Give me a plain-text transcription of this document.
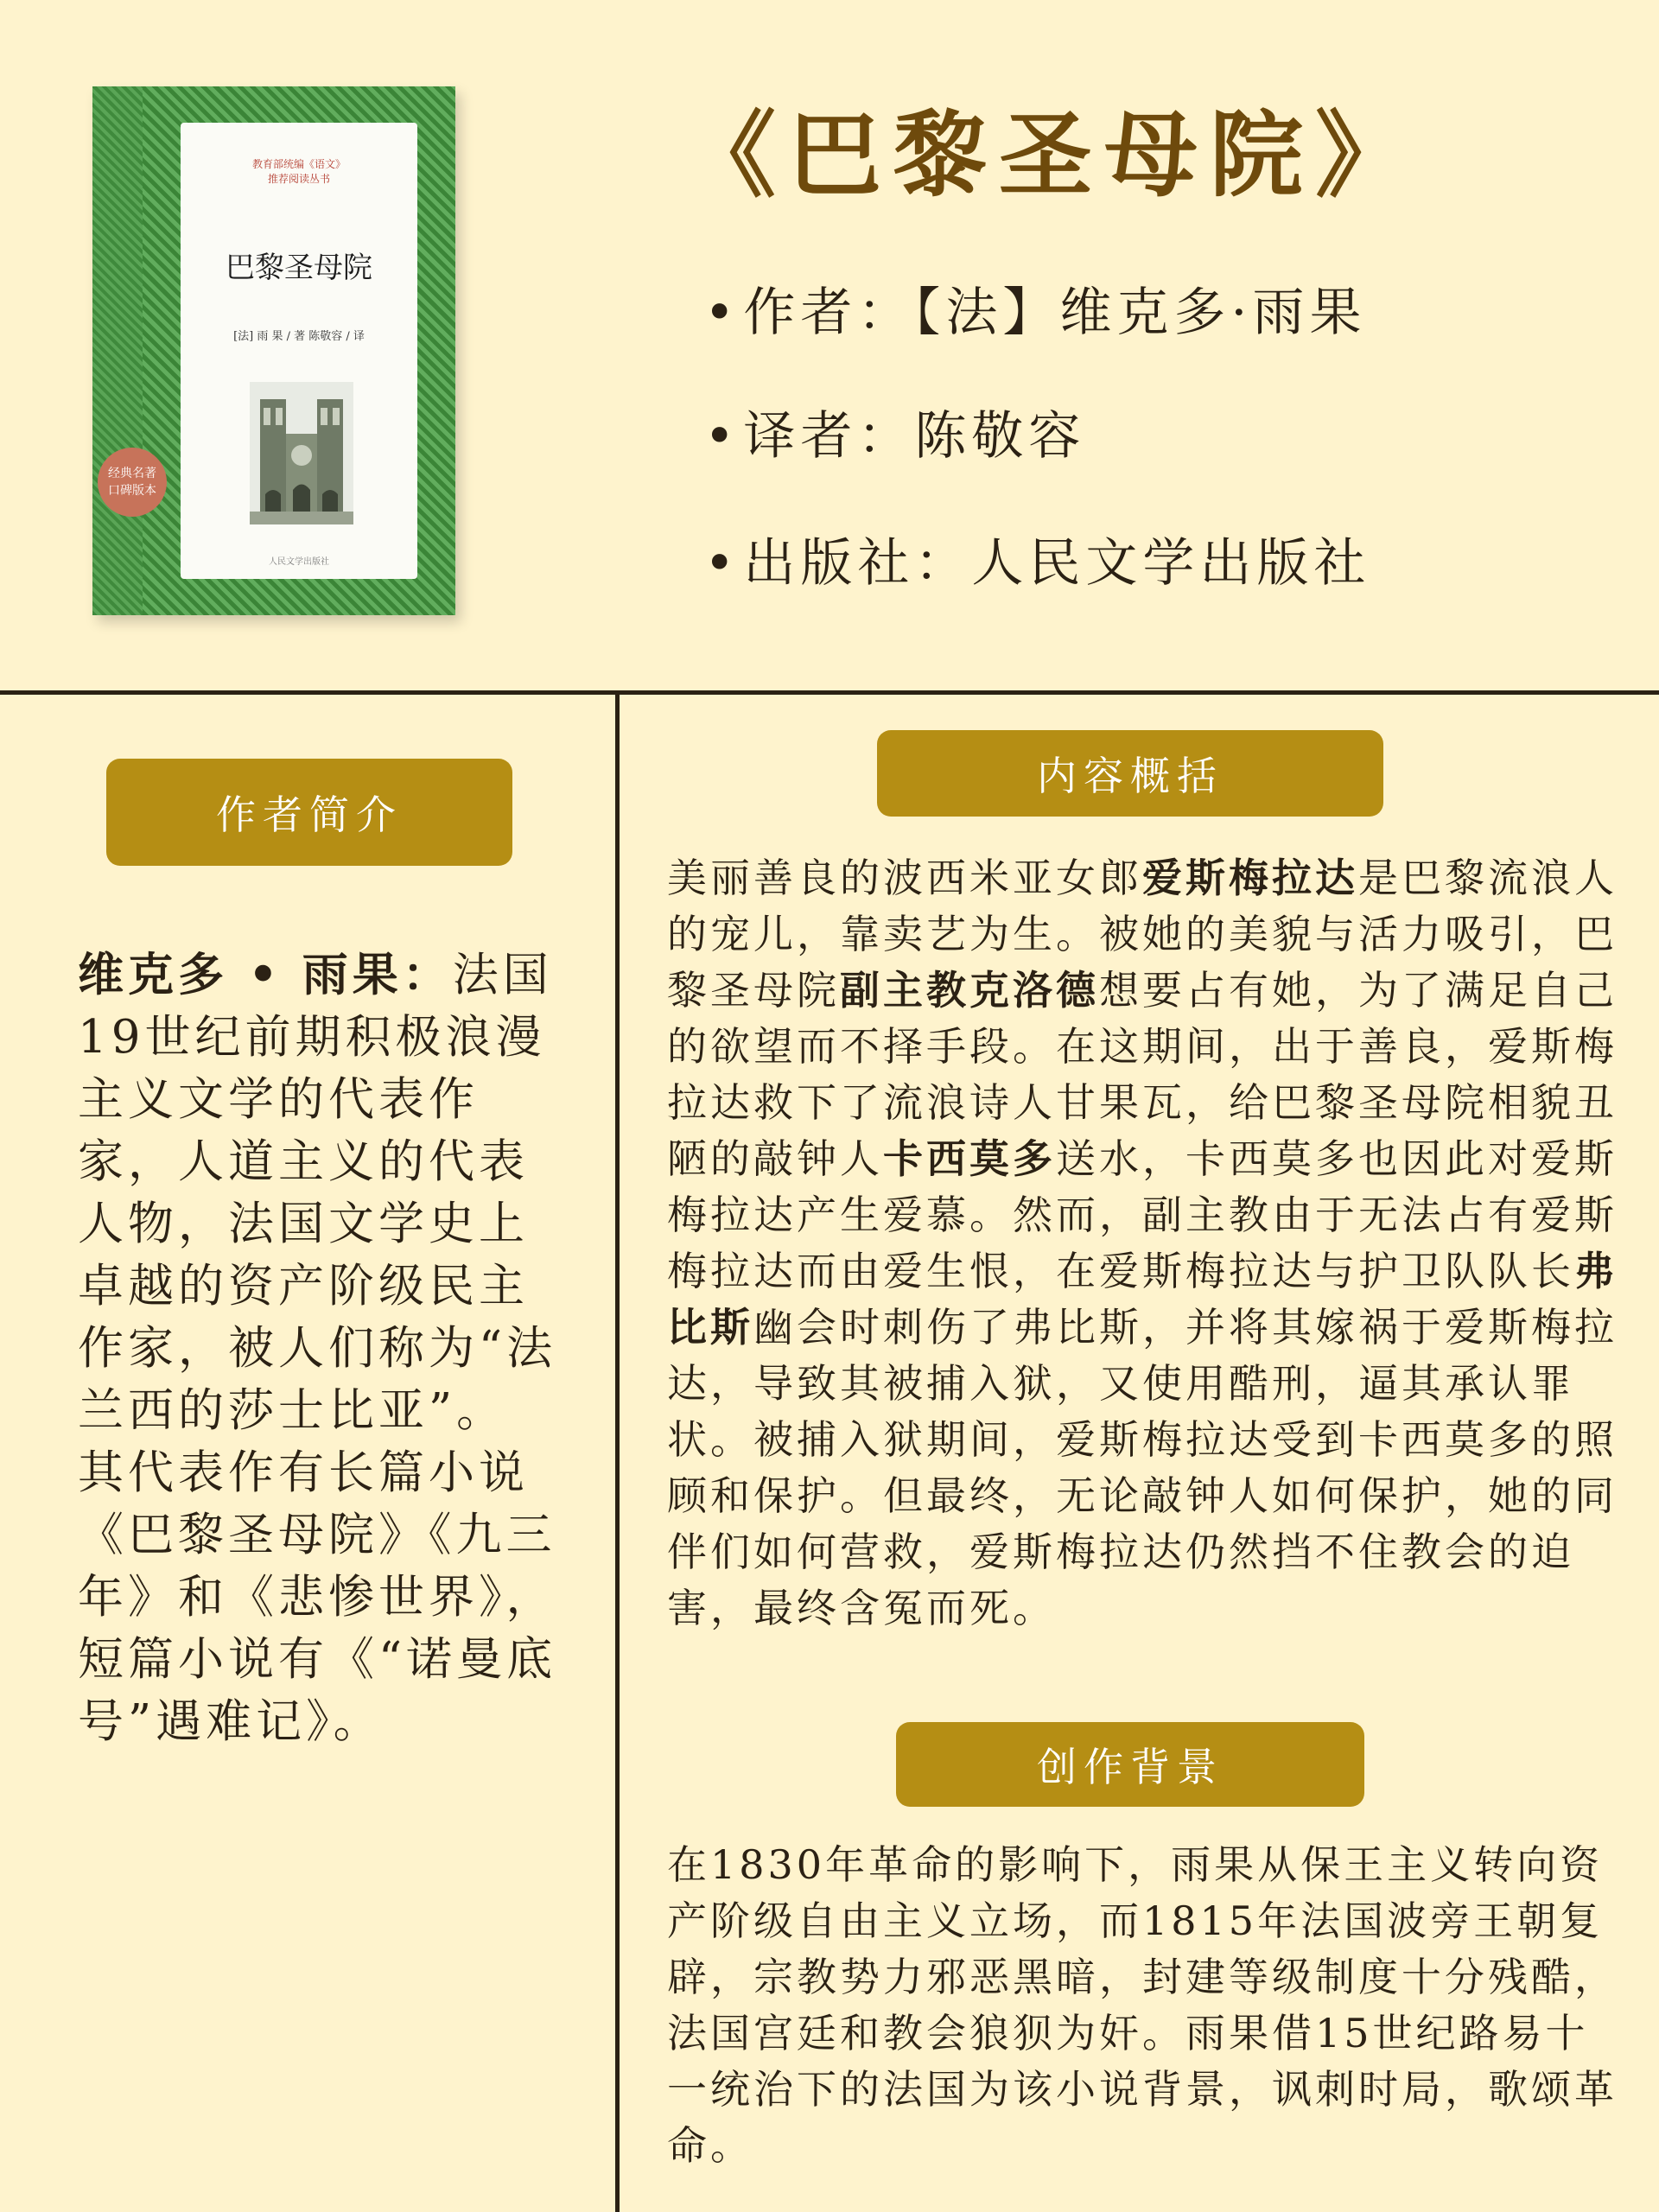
教育部统编《语文》
推荐阅读丛书
巴黎圣母院
[法] 雨 果 / 著 陈敬容 / 译
人民文学出版社
经典名著
口碑版本
《巴黎圣母院》
•作者：【法】维克多·雨果
•译者：陈敬容
•出版社：人民文学出版社
作者简介
维克多 • 雨果：法国19世纪前期积极浪漫主义文学的代表作家，人道主义的代表人物，法国文学史上卓越的资产阶级民主作家，被人们称为“法兰西的莎士比亚”。
其代表作有长篇小说《巴黎圣母院》《九三年》和《悲惨世界》，短篇小说有《“诺曼底号”遇难记》。
内容概括
美丽善良的波西米亚女郎爱斯梅拉达是巴黎流浪人的宠儿，靠卖艺为生。被她的美貌与活力吸引，巴黎圣母院副主教克洛德想要占有她，为了满足自己的欲望而不择手段。在这期间，出于善良，爱斯梅拉达救下了流浪诗人甘果瓦，给巴黎圣母院相貌丑陋的敲钟人卡西莫多送水，卡西莫多也因此对爱斯梅拉达产生爱慕。然而，副主教由于无法占有爱斯梅拉达而由爱生恨，在爱斯梅拉达与护卫队队长弗比斯幽会时刺伤了弗比斯，并将其嫁祸于爱斯梅拉达，导致其被捕入狱，又使用酷刑，逼其承认罪状。被捕入狱期间，爱斯梅拉达受到卡西莫多的照顾和保护。但最终，无论敲钟人如何保护，她的同伴们如何营救，爱斯梅拉达仍然挡不住教会的迫害，最终含冤而死。
创作背景
在1830年革命的影响下，雨果从保王主义转向资产阶级自由主义立场，而1815年法国波旁王朝复辟，宗教势力邪恶黑暗，封建等级制度十分残酷，法国宫廷和教会狼狈为奸。雨果借15世纪路易十一统治下的法国为该小说背景，讽刺时局，歌颂革命。
